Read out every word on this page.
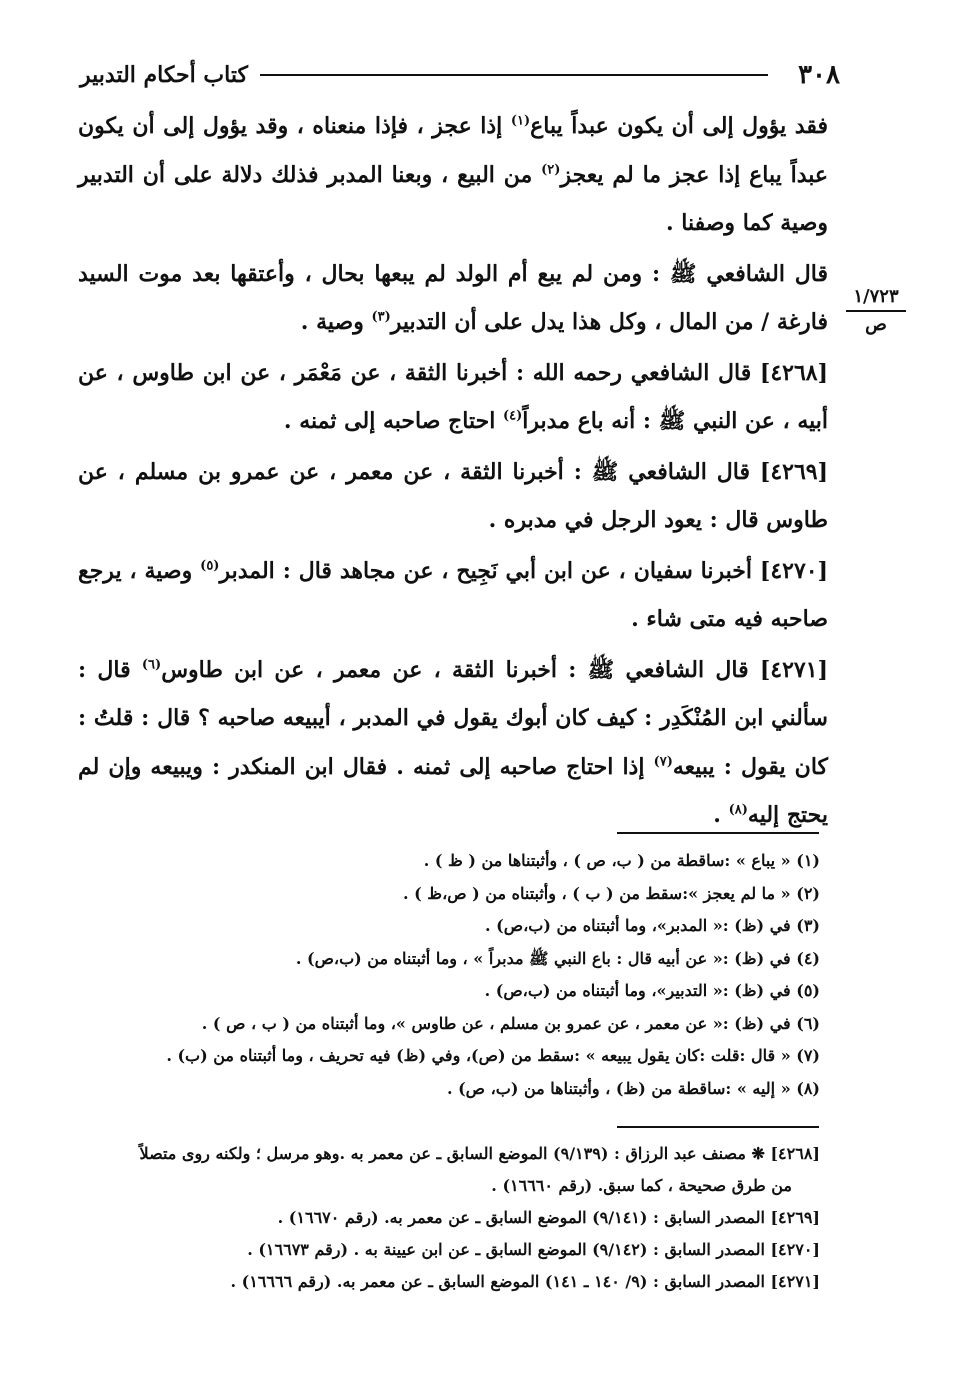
٣٠٨
كتاب أحكام التدبير
١/٧٢٣
ص

فقد يؤول إلى أن يكون عبداً يباع$^{(١)}$ إذا عجز ، فإذا منعناه ، وقد يؤول إلى أن يكون عبداً يباع إذا عجز ما لم يعجز$^{(٢)}$ من البيع ، وبعنا المدبر فذلك دلالة على أن التدبير وصية كما وصفنا .

قال الشافعي ﷺ : ومن لم يبع أم الولد لم يبعها بحال ، وأعتقها بعد موت السيد فارغة / من المال ، وكل هذا يدل على أن التدبير$^{(٣)}$ وصية .

[٤٢٦٨] قال الشافعي رحمه الله : أخبرنا الثقة ، عن مَعْمَر ، عن ابن طاوس ، عن أبيه ، عن النبي ﷺ : أنه باع مدبراً$^{(٤)}$ احتاج صاحبه إلى ثمنه .

[٤٢٦٩] قال الشافعي ﷺ : أخبرنا الثقة ، عن معمر ، عن عمرو بن مسلم ، عن طاوس قال : يعود الرجل في مدبره .

[٤٢٧٠] أخبرنا سفيان ، عن ابن أبي نَجِيح ، عن مجاهد قال : المدبر$^{(٥)}$ وصية ، يرجع صاحبه فيه متى شاء .

[٤٢٧١] قال الشافعي ﷺ : أخبرنا الثقة ، عن معمر ، عن ابن طاوس$^{(٦)}$ قال : سألني ابن المُنْكَدِر : كيف كان أبوك يقول في المدبر ، أيبيعه صاحبه ؟ قال : قلتُ : كان يقول : يبيعه$^{(٧)}$ إذا احتاج صاحبه إلى ثمنه . فقال ابن المنكدر : ويبيعه وإن لم يحتج إليه$^{(٨)}$ .

(١) « يباع » :ساقطة من ( ب، ص ) ، وأثبتناها من ( ظ ) .
(٢) « ما لم يعجز »:سقط من ( ب ) ، وأثبتناه من ( ص،ظ ) .
(٣) في (ظ) :« المدبر»، وما أثبتناه من (ب،ص) .
(٤) في (ظ) :« عن أبيه قال : باع النبي ﷺ مدبراً » ، وما أثبتناه من (ب،ص) .
(٥) في (ظ) :« التدبير»، وما أثبتناه من (ب،ص) .
(٦) في (ظ) :« عن معمر ، عن عمرو بن مسلم ، عن طاوس »، وما أثبتناه من ( ب ، ص ) .
(٧) « قال :قلت :كان يقول يبيعه » :سقط من (ص)، وفي (ظ) فيه تحريف ، وما أثبتناه من (ب) .
(٨) « إليه » :ساقطة من (ظ) ، وأثبتناها من (ب، ص) .
[٤٢٦٨] ❋ مصنف عبد الرزاق : (٩/١٣٩) الموضع السابق ـ عن معمر به .وهو مرسل ؛ ولكنه روى متصلاً
من طرق صحيحة ، كما سبق. (رقم ١٦٦٦٠) .
[٤٢٦٩] المصدر السابق : (٩/١٤١) الموضع السابق ـ عن معمر به. (رقم ١٦٦٧٠) .
[٤٢٧٠] المصدر السابق : (٩/١٤٢) الموضع السابق ـ عن ابن عيينة به . (رقم ١٦٦٧٣) .
[٤٢٧١] المصدر السابق : (٩/ ١٤٠ ـ ١٤١) الموضع السابق ـ عن معمر به. (رقم ١٦٦٦٦) .
